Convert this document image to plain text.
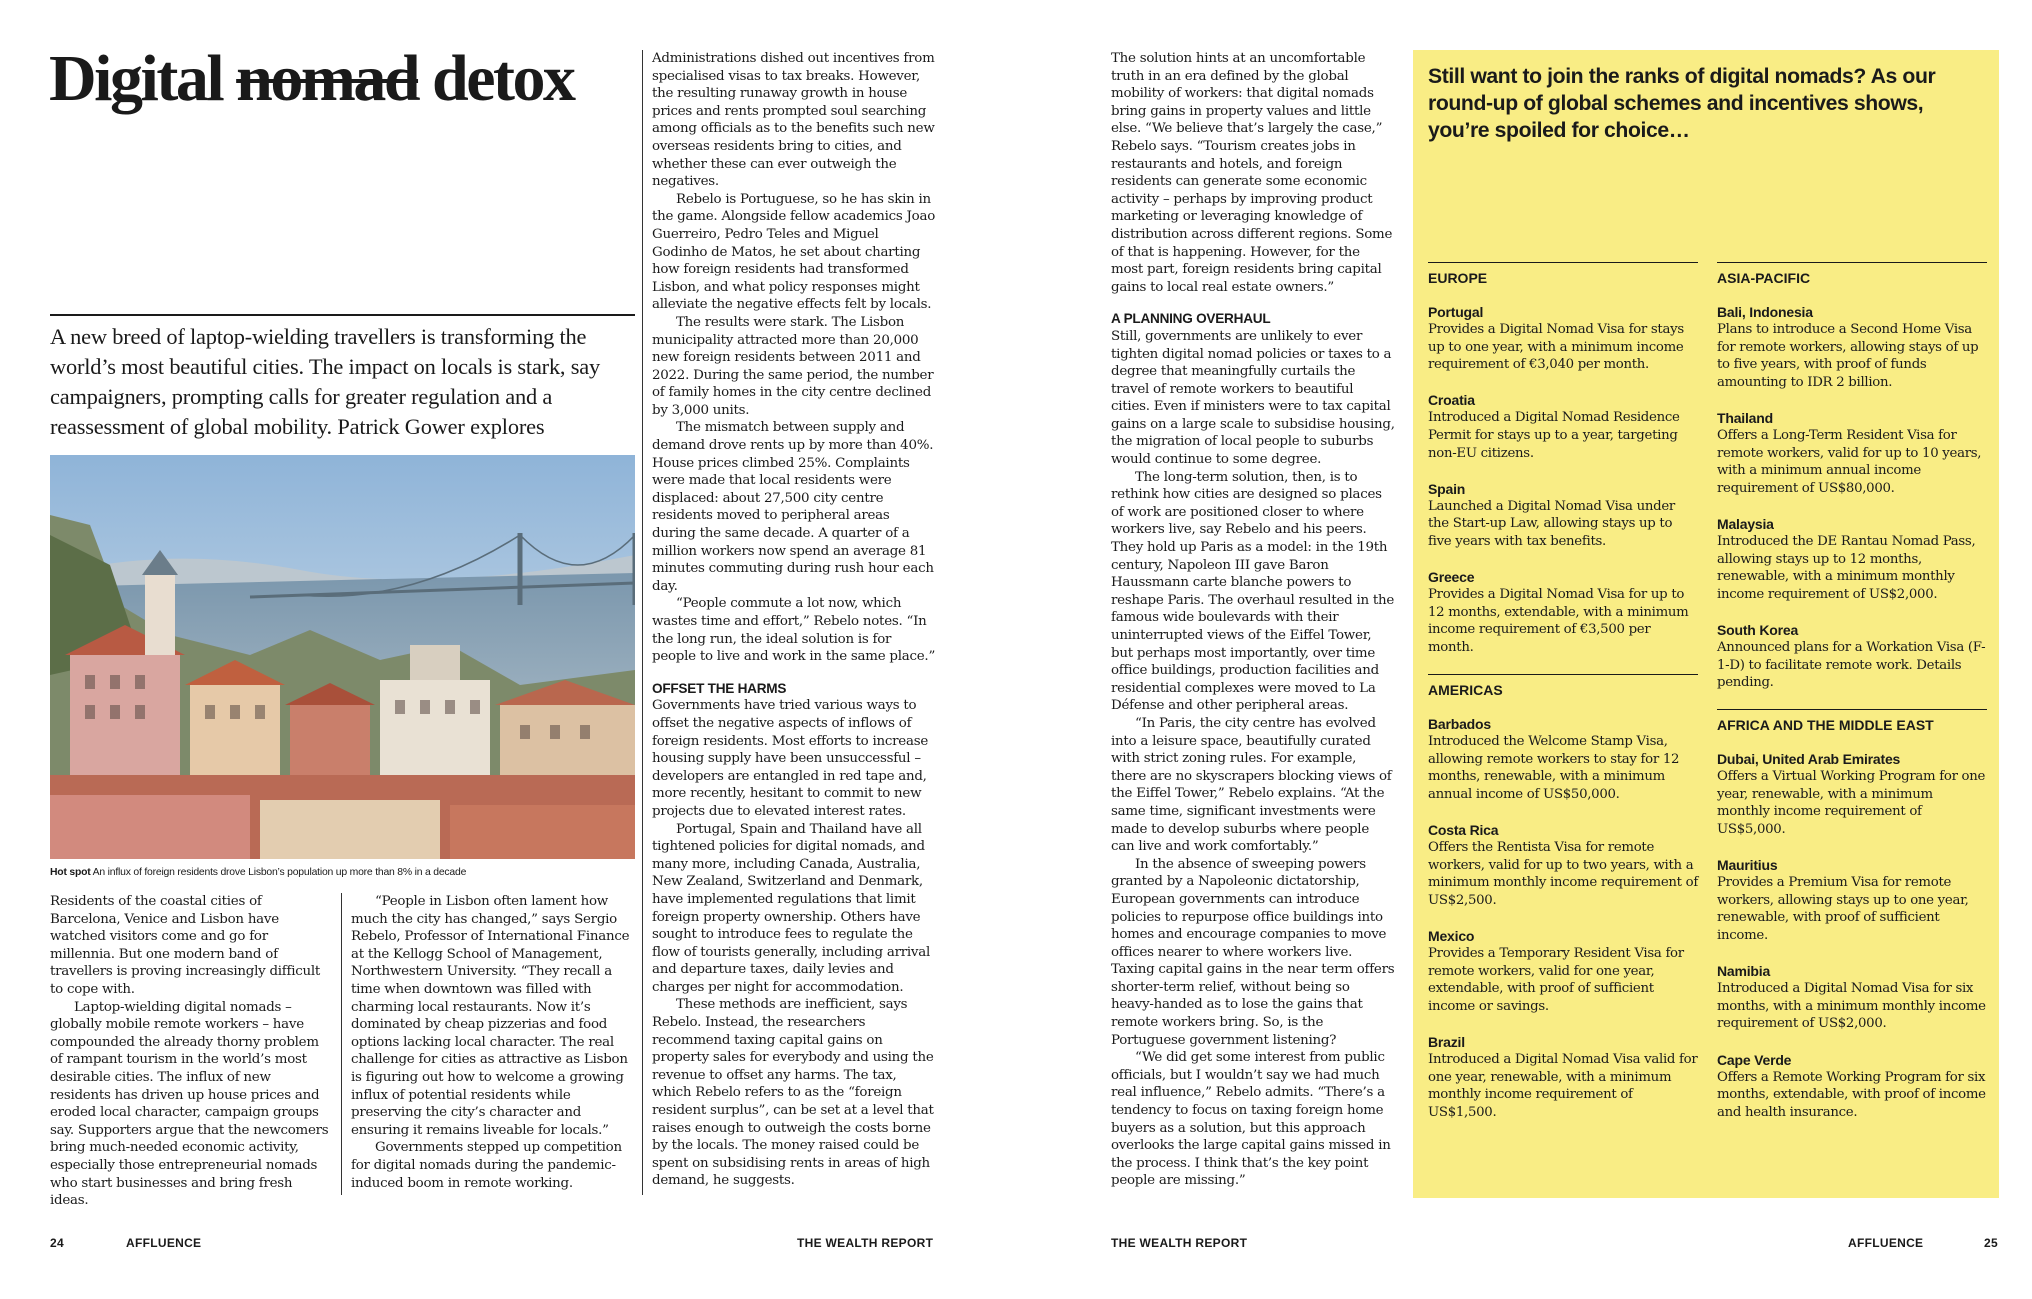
Digital nomad detox
A new breed of laptop-wielding travellers is transforming the world’s most beautiful cities. The impact on locals is stark, say campaigners, prompting calls for greater regulation and a reassessment of global mobility. Patrick Gower explores
Hot spot An influx of foreign residents drove Lisbon’s population up more than 8% in a decade

Residents of the coastal cities of Barcelona, Venice and Lisbon have watched visitors come and go for millennia. But one modern band of travellers is proving increasingly difficult to cope with.

Laptop-wielding digital nomads – globally mobile remote workers – have compounded the already thorny problem of rampant tourism in the world’s most desirable cities. The influx of new residents has driven up house prices and eroded local character, campaign groups say. Supporters argue that the newcomers bring much-needed economic activity, especially those entrepreneurial nomads who start businesses and bring fresh ideas.

“People in Lisbon often lament how much the city has changed,” says Sergio Rebelo, Professor of International Finance at the Kellogg School of Management, Northwestern University. “They recall a time when downtown was filled with charming local restaurants. Now it’s dominated by cheap pizzerias and food options lacking local character. The real challenge for cities as attractive as Lisbon is figuring out how to welcome a growing influx of potential residents while preserving the city’s character and ensuring it remains liveable for locals.”

Governments stepped up competition for digital nomads during the pandemic-induced boom in remote working.

Administrations dished out incentives from specialised visas to tax breaks. However, the resulting runaway growth in house prices and rents prompted soul searching among officials as to the benefits such new overseas residents bring to cities, and whether these can ever outweigh the negatives.

Rebelo is Portuguese, so he has skin in the game. Alongside fellow academics Joao Guerreiro, Pedro Teles and Miguel Godinho de Matos, he set about charting how foreign residents had transformed Lisbon, and what policy responses might alleviate the negative effects felt by locals.

The results were stark. The Lisbon municipality attracted more than 20,000 new foreign residents between 2011 and 2022. During the same period, the number of family homes in the city centre declined by 3,000 units.

The mismatch between supply and demand drove rents up by more than 40%. House prices climbed 25%. Complaints were made that local residents were displaced: about 27,500 city centre residents moved to peripheral areas during the same decade. A quarter of a million workers now spend an average 81 minutes commuting during rush hour each day.

“People commute a lot now, which wastes time and effort,” Rebelo notes. “In the long run, the ideal solution is for people to live and work in the same place.”

OFFSET THE HARMS

Governments have tried various ways to offset the negative aspects of inflows of foreign residents. Most efforts to increase housing supply have been unsuccessful – developers are entangled in red tape and, more recently, hesitant to commit to new projects due to elevated interest rates.

Portugal, Spain and Thailand have all tightened policies for digital nomads, and many more, including Canada, Australia, New Zealand, Switzerland and Denmark, have implemented regulations that limit foreign property ownership. Others have sought to introduce fees to regulate the flow of tourists generally, including arrival and departure taxes, daily levies and charges per night for accommodation.

These methods are inefficient, says Rebelo. Instead, the researchers recommend taxing capital gains on property sales for everybody and using the revenue to offset any harms. The tax, which Rebelo refers to as the “foreign resident surplus”, can be set at a level that raises enough to outweigh the costs borne by the locals. The money raised could be spent on subsidising rents in areas of high demand, he suggests.

The solution hints at an uncomfortable truth in an era defined by the global mobility of workers: that digital nomads bring gains in property values and little else. “We believe that’s largely the case,” Rebelo says. “Tourism creates jobs in restaurants and hotels, and foreign residents can generate some economic activity – perhaps by improving product marketing or leveraging knowledge of distribution across different regions. Some of that is happening. However, for the most part, foreign residents bring capital gains to local real estate owners.”

A PLANNING OVERHAUL

Still, governments are unlikely to ever tighten digital nomad policies or taxes to a degree that meaningfully curtails the travel of remote workers to beautiful cities. Even if ministers were to tax capital gains on a large scale to subsidise housing, the migration of local people to suburbs would continue to some degree.

The long-term solution, then, is to rethink how cities are designed so places of work are positioned closer to where workers live, say Rebelo and his peers. They hold up Paris as a model: in the 19th century, Napoleon III gave Baron Haussmann carte blanche powers to reshape Paris. The overhaul resulted in the famous wide boulevards with their uninterrupted views of the Eiffel Tower, but perhaps most importantly, over time office buildings, production facilities and residential complexes were moved to La Défense and other peripheral areas.

“In Paris, the city centre has evolved into a leisure space, beautifully curated with strict zoning rules. For example, there are no skyscrapers blocking views of the Eiffel Tower,” Rebelo explains. “At the same time, significant investments were made to develop suburbs where people can live and work comfortably.”

In the absence of sweeping powers granted by a Napoleonic dictatorship, European governments can introduce policies to repurpose office buildings into homes and encourage companies to move offices nearer to where workers live. Taxing capital gains in the near term offers shorter-term relief, without being so heavy-handed as to lose the gains that remote workers bring. So, is the Portuguese government listening?

“We did get some interest from public officials, but I wouldn’t say we had much real influence,” Rebelo admits. “There’s a tendency to focus on taxing foreign home buyers as a solution, but this approach overlooks the large capital gains missed in the process. I think that’s the key point people are missing.”

Still want to join the ranks of digital nomads? As our round-up of global schemes and incentives shows, you’re spoiled for choice…
EUROPE
Portugal
Provides a Digital Nomad Visa for stays up to one year, with a minimum income requirement of €3,040 per month.
Croatia
Introduced a Digital Nomad Residence Permit for stays up to a year, targeting non-EU citizens.
Spain
Launched a Digital Nomad Visa under the Start-up Law, allowing stays up to five years with tax benefits.
Greece
Provides a Digital Nomad Visa for up to 12 months, extendable, with a minimum income requirement of €3,500 per month.
AMERICAS
Barbados
Introduced the Welcome Stamp Visa, allowing remote workers to stay for 12 months, renewable, with a minimum annual income of US$50,000.
Costa Rica
Offers the Rentista Visa for remote workers, valid for up to two years, with a minimum monthly income requirement of US$2,500.
Mexico
Provides a Temporary Resident Visa for remote workers, valid for one year, extendable, with proof of sufficient income or savings.
Brazil
Introduced a Digital Nomad Visa valid for one year, renewable, with a minimum monthly income requirement of US$1,500.
ASIA-PACIFIC
Bali, Indonesia
Plans to introduce a Second Home Visa for remote workers, allowing stays of up to five years, with proof of funds amounting to IDR 2 billion.
Thailand
Offers a Long-Term Resident Visa for remote workers, valid for up to 10 years, with a minimum annual income requirement of US$80,000.
Malaysia
Introduced the DE Rantau Nomad Pass, allowing stays up to 12 months, renewable, with a minimum monthly income requirement of US$2,000.
South Korea
Announced plans for a Workation Visa (F-1-D) to facilitate remote work. Details pending.
AFRICA AND THE MIDDLE EAST
Dubai, United Arab Emirates
Offers a Virtual Working Program for one year, renewable, with a minimum monthly income requirement of US$5,000.
Mauritius
Provides a Premium Visa for remote workers, allowing stays up to one year, renewable, with proof of sufficient income.
Namibia
Introduced a Digital Nomad Visa for six months, with a minimum monthly income requirement of US$2,000.
Cape Verde
Offers a Remote Working Program for six months, extendable, with proof of income and health insurance.
24	AFFLUENCE	THE WEALTH REPORT	THE WEALTH REPORT	AFFLUENCE	25
